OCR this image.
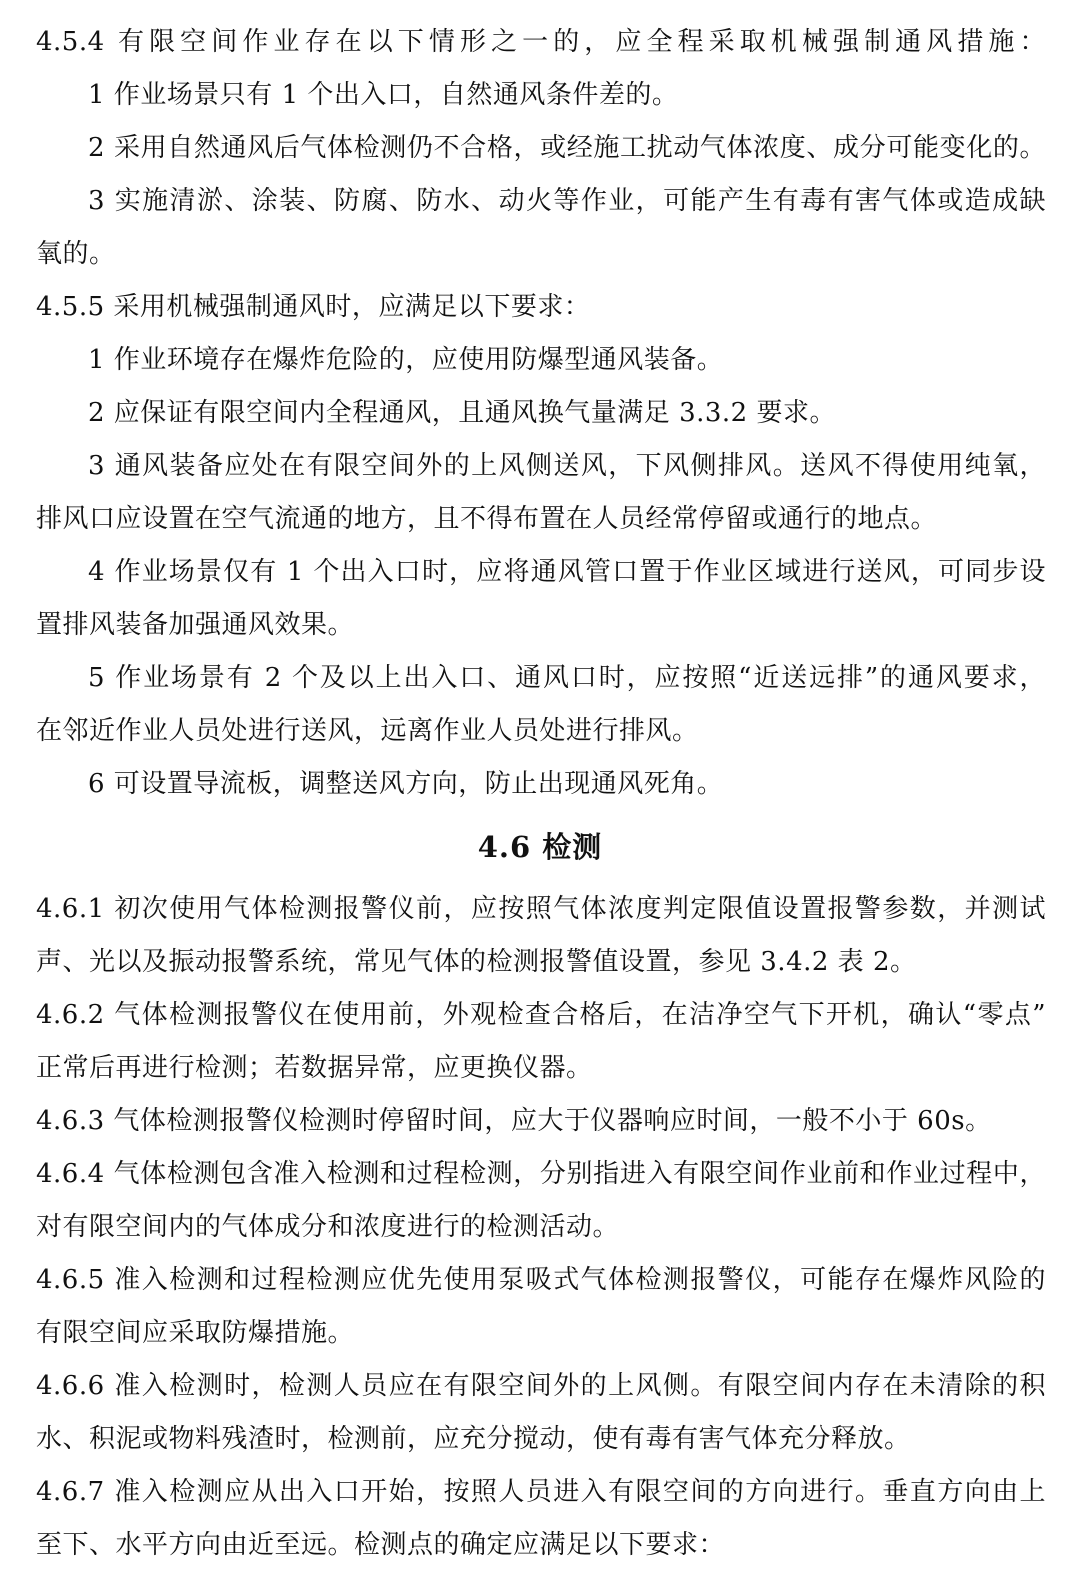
4.5.4 有限空间作业存在以下情形之一的，应全程采取机械强制通风措施：
1 作业场景只有 1 个出入口，自然通风条件差的。
2 采用自然通风后气体检测仍不合格，或经施工扰动气体浓度、成分可能变化的。
3 实施清淤、涂装、防腐、防水、动火等作业，可能产生有毒有害气体或造成缺
氧的。
4.5.5 采用机械强制通风时，应满足以下要求：
1 作业环境存在爆炸危险的，应使用防爆型通风装备。
2 应保证有限空间内全程通风，且通风换气量满足 3.3.2 要求。
3 通风装备应处在有限空间外的上风侧送风，下风侧排风。送风不得使用纯氧，
排风口应设置在空气流通的地方，且不得布置在人员经常停留或通行的地点。
4 作业场景仅有 1 个出入口时，应将通风管口置于作业区域进行送风，可同步设
置排风装备加强通风效果。
5 作业场景有 2 个及以上出入口、通风口时，应按照“近送远排”的通风要求，
在邻近作业人员处进行送风，远离作业人员处进行排风。
6 可设置导流板，调整送风方向，防止出现通风死角。
4.6 检测
4.6.1 初次使用气体检测报警仪前，应按照气体浓度判定限值设置报警参数，并测试
声、光以及振动报警系统，常见气体的检测报警值设置，参见 3.4.2 表 2。
4.6.2 气体检测报警仪在使用前，外观检查合格后，在洁净空气下开机，确认“零点”
正常后再进行检测；若数据异常，应更换仪器。
4.6.3 气体检测报警仪检测时停留时间，应大于仪器响应时间，一般不小于 60s。
4.6.4 气体检测包含准入检测和过程检测，分别指进入有限空间作业前和作业过程中，
对有限空间内的气体成分和浓度进行的检测活动。
4.6.5 准入检测和过程检测应优先使用泵吸式气体检测报警仪，可能存在爆炸风险的
有限空间应采取防爆措施。
4.6.6 准入检测时，检测人员应在有限空间外的上风侧。有限空间内存在未清除的积
水、积泥或物料残渣时，检测前，应充分搅动，使有毒有害气体充分释放。
4.6.7 准入检测应从出入口开始，按照人员进入有限空间的方向进行。垂直方向由上
至下、水平方向由近至远。检测点的确定应满足以下要求：
